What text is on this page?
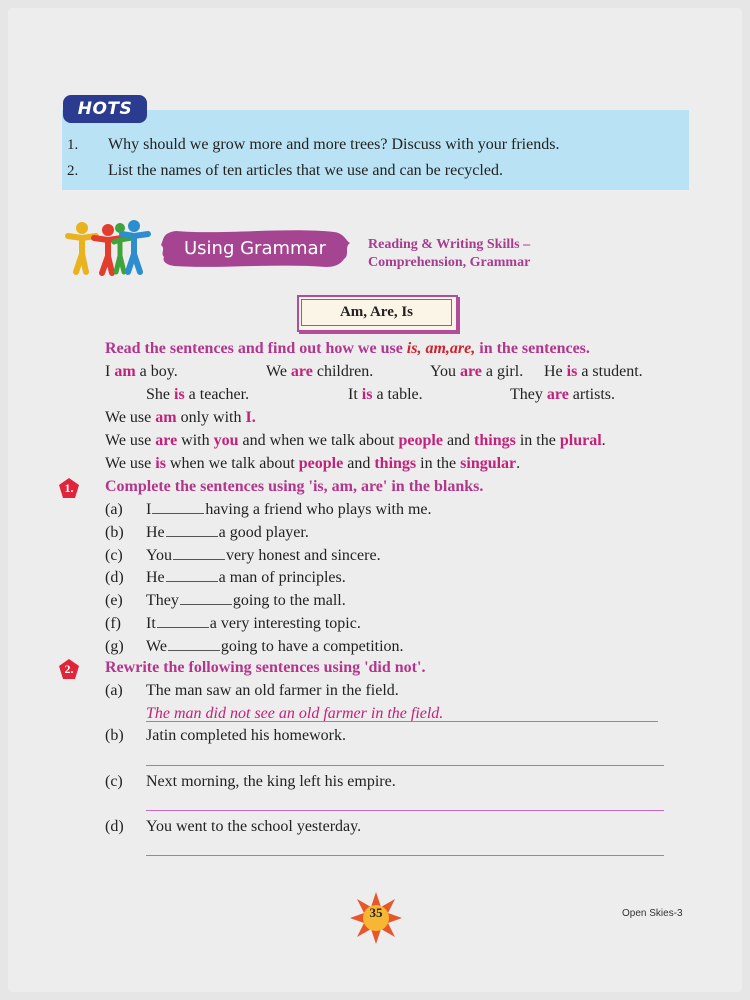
HOTS
1. Why should we grow more and more trees? Discuss with your friends.
2. List the names of ten articles that we use and can be recycled.
Using Grammar	Reading & Writing Skills –
Comprehension, Grammar
Am, Are, Is
Read the sentences and find out how we use is, am,are, in the sentences.
I am a boy.	We are children.	You are a girl. He is a student.
She is a teacher.	It is a table.	They are artists.
We use am only with I.
We use are with you and when we talk about people and things in the plural.
We use is when we talk about people and things in the singular.
1.	Complete the sentences using 'is, am, are' in the blanks.
(a) I	having a friend who plays with me.
(b) He	a good player.
(c) You	very honest and sincere.
(d) He	a man of principles.
(e) They	going to the mall.
(f) It	a very interesting topic.
(g) We	going to have a competition.
2.	Rewrite the following sentences using 'did not'.
(a) The man saw an old farmer in the field.
The man did not see an old farmer in the field.
(b) Jatin completed his homework.
(c) Next morning, the king left his empire.
(d) You went to the school yesterday.
35	Open Skies-3
